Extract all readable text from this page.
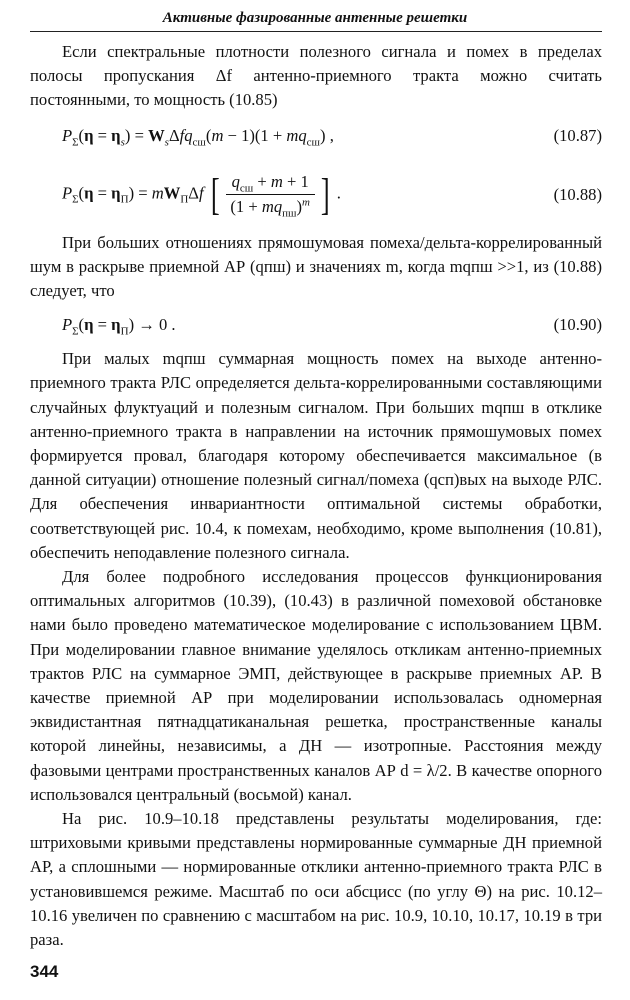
Активные фазированные антенные решетки

Если спектральные плотности полезного сигнала и помех в пределах полосы пропускания Δf антенно-приемного тракта можно считать постоянными, то мощность (10.85)

$P_\Sigma(\eta = \eta_s) = W_s\Delta fq_{сш}(m - 1)(1 + mq_{сш})$ ,	(10.87)
$P_\Sigma(\eta = \eta_П) = mW_П\Delta f$ [ $\frac{q_{сш} + m + 1}{(1 + mq_{пш})^m}$ ] .	(10.88)

При больших отношениях прямошумовая помеха/дельта-коррелированный шум в раскрыве приемной АР (qпш) и значениях m, когда mqпш >>1, из (10.88) следует, что

$P_\Sigma(\eta = \eta_П) \to 0$ .	(10.90)

При малых mqпш суммарная мощность помех на выходе антенно-приемного тракта РЛС определяется дельта-коррелированными составляющими случайных флуктуаций и полезным сигналом. При больших mqпш в отклике антенно-приемного тракта в направлении на источник прямошумовых помех формируется провал, благодаря которому обеспечивается максимальное (в данной ситуации) отношение полезный сигнал/помеха (qсп)вых на выходе РЛС. Для обеспечения инвариантности оптимальной системы обработки, соответствующей рис. 10.4, к помехам, необходимо, кроме выполнения (10.81), обеспечить неподавление полезного сигнала.

Для более подробного исследования процессов функционирования оптимальных алгоритмов (10.39), (10.43) в различной помеховой обстановке нами было проведено математическое моделирование с использованием ЦВМ. При моделировании главное внимание уделялось откликам антенно-приемных трактов РЛС на суммарное ЭМП, действующее в раскрыве приемных АР. В качестве приемной АР при моделировании использовалась одномерная эквидистантная пятнадцатиканальная решетка, пространственные каналы которой линейны, независимы, а ДН — изотропные. Расстояния между фазовыми центрами пространственных каналов АР d = λ/2. В качестве опорного использовался центральный (восьмой) канал.

На рис. 10.9–10.18 представлены результаты моделирования, где: штриховыми кривыми представлены нормированные суммарные ДН приемной АР, а сплошными — нормированные отклики антенно-приемного тракта РЛС в установившемся режиме. Масштаб по оси абсцисс (по углу Θ) на рис. 10.12–10.16 увеличен по сравнению с масштабом на рис. 10.9, 10.10, 10.17, 10.19 в три раза.

344
